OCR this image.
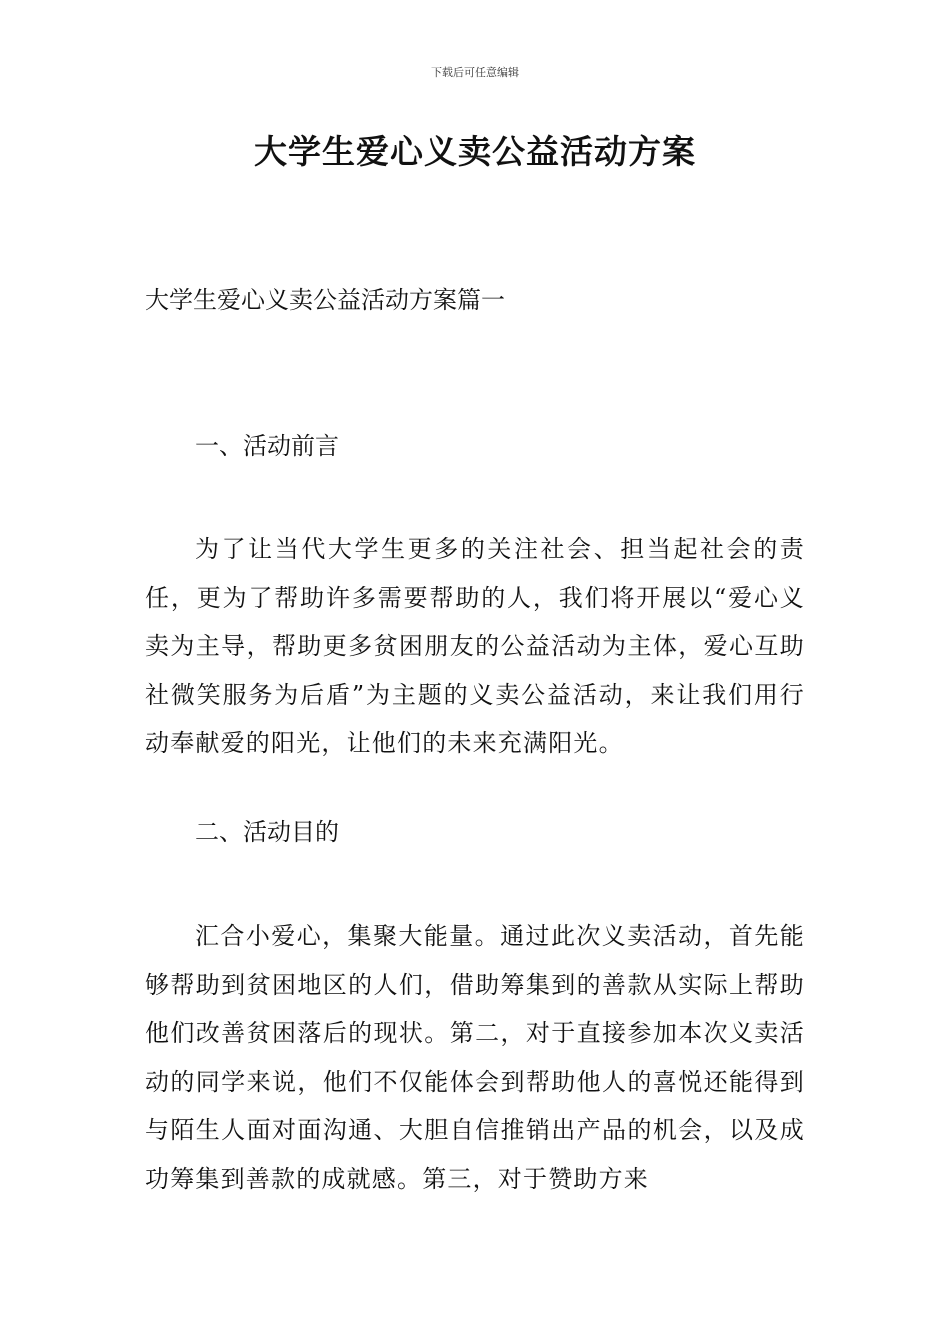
下载后可任意编辑
大学生爱心义卖公益活动方案
大学生爱心义卖公益活动方案篇一
一、活动前言
为了让当代大学生更多的关注社会、担当起社会的责任，更为了帮助许多需要帮助的人，我们将开展以“爱心义卖为主导，帮助更多贫困朋友的公益活动为主体，爱心互助社微笑服务为后盾”为主题的义卖公益活动，来让我们用行动奉献爱的阳光，让他们的未来充满阳光。
二、活动目的
汇合小爱心，集聚大能量。通过此次义卖活动，首先能够帮助到贫困地区的人们，借助筹集到的善款从实际上帮助他们改善贫困落后的现状。第二，对于直接参加本次义卖活动的同学来说，他们不仅能体会到帮助他人的喜悦还能得到与陌生人面对面沟通、大胆自信推销出产品的机会，以及成功筹集到善款的成就感。第三，对于赞助方来
